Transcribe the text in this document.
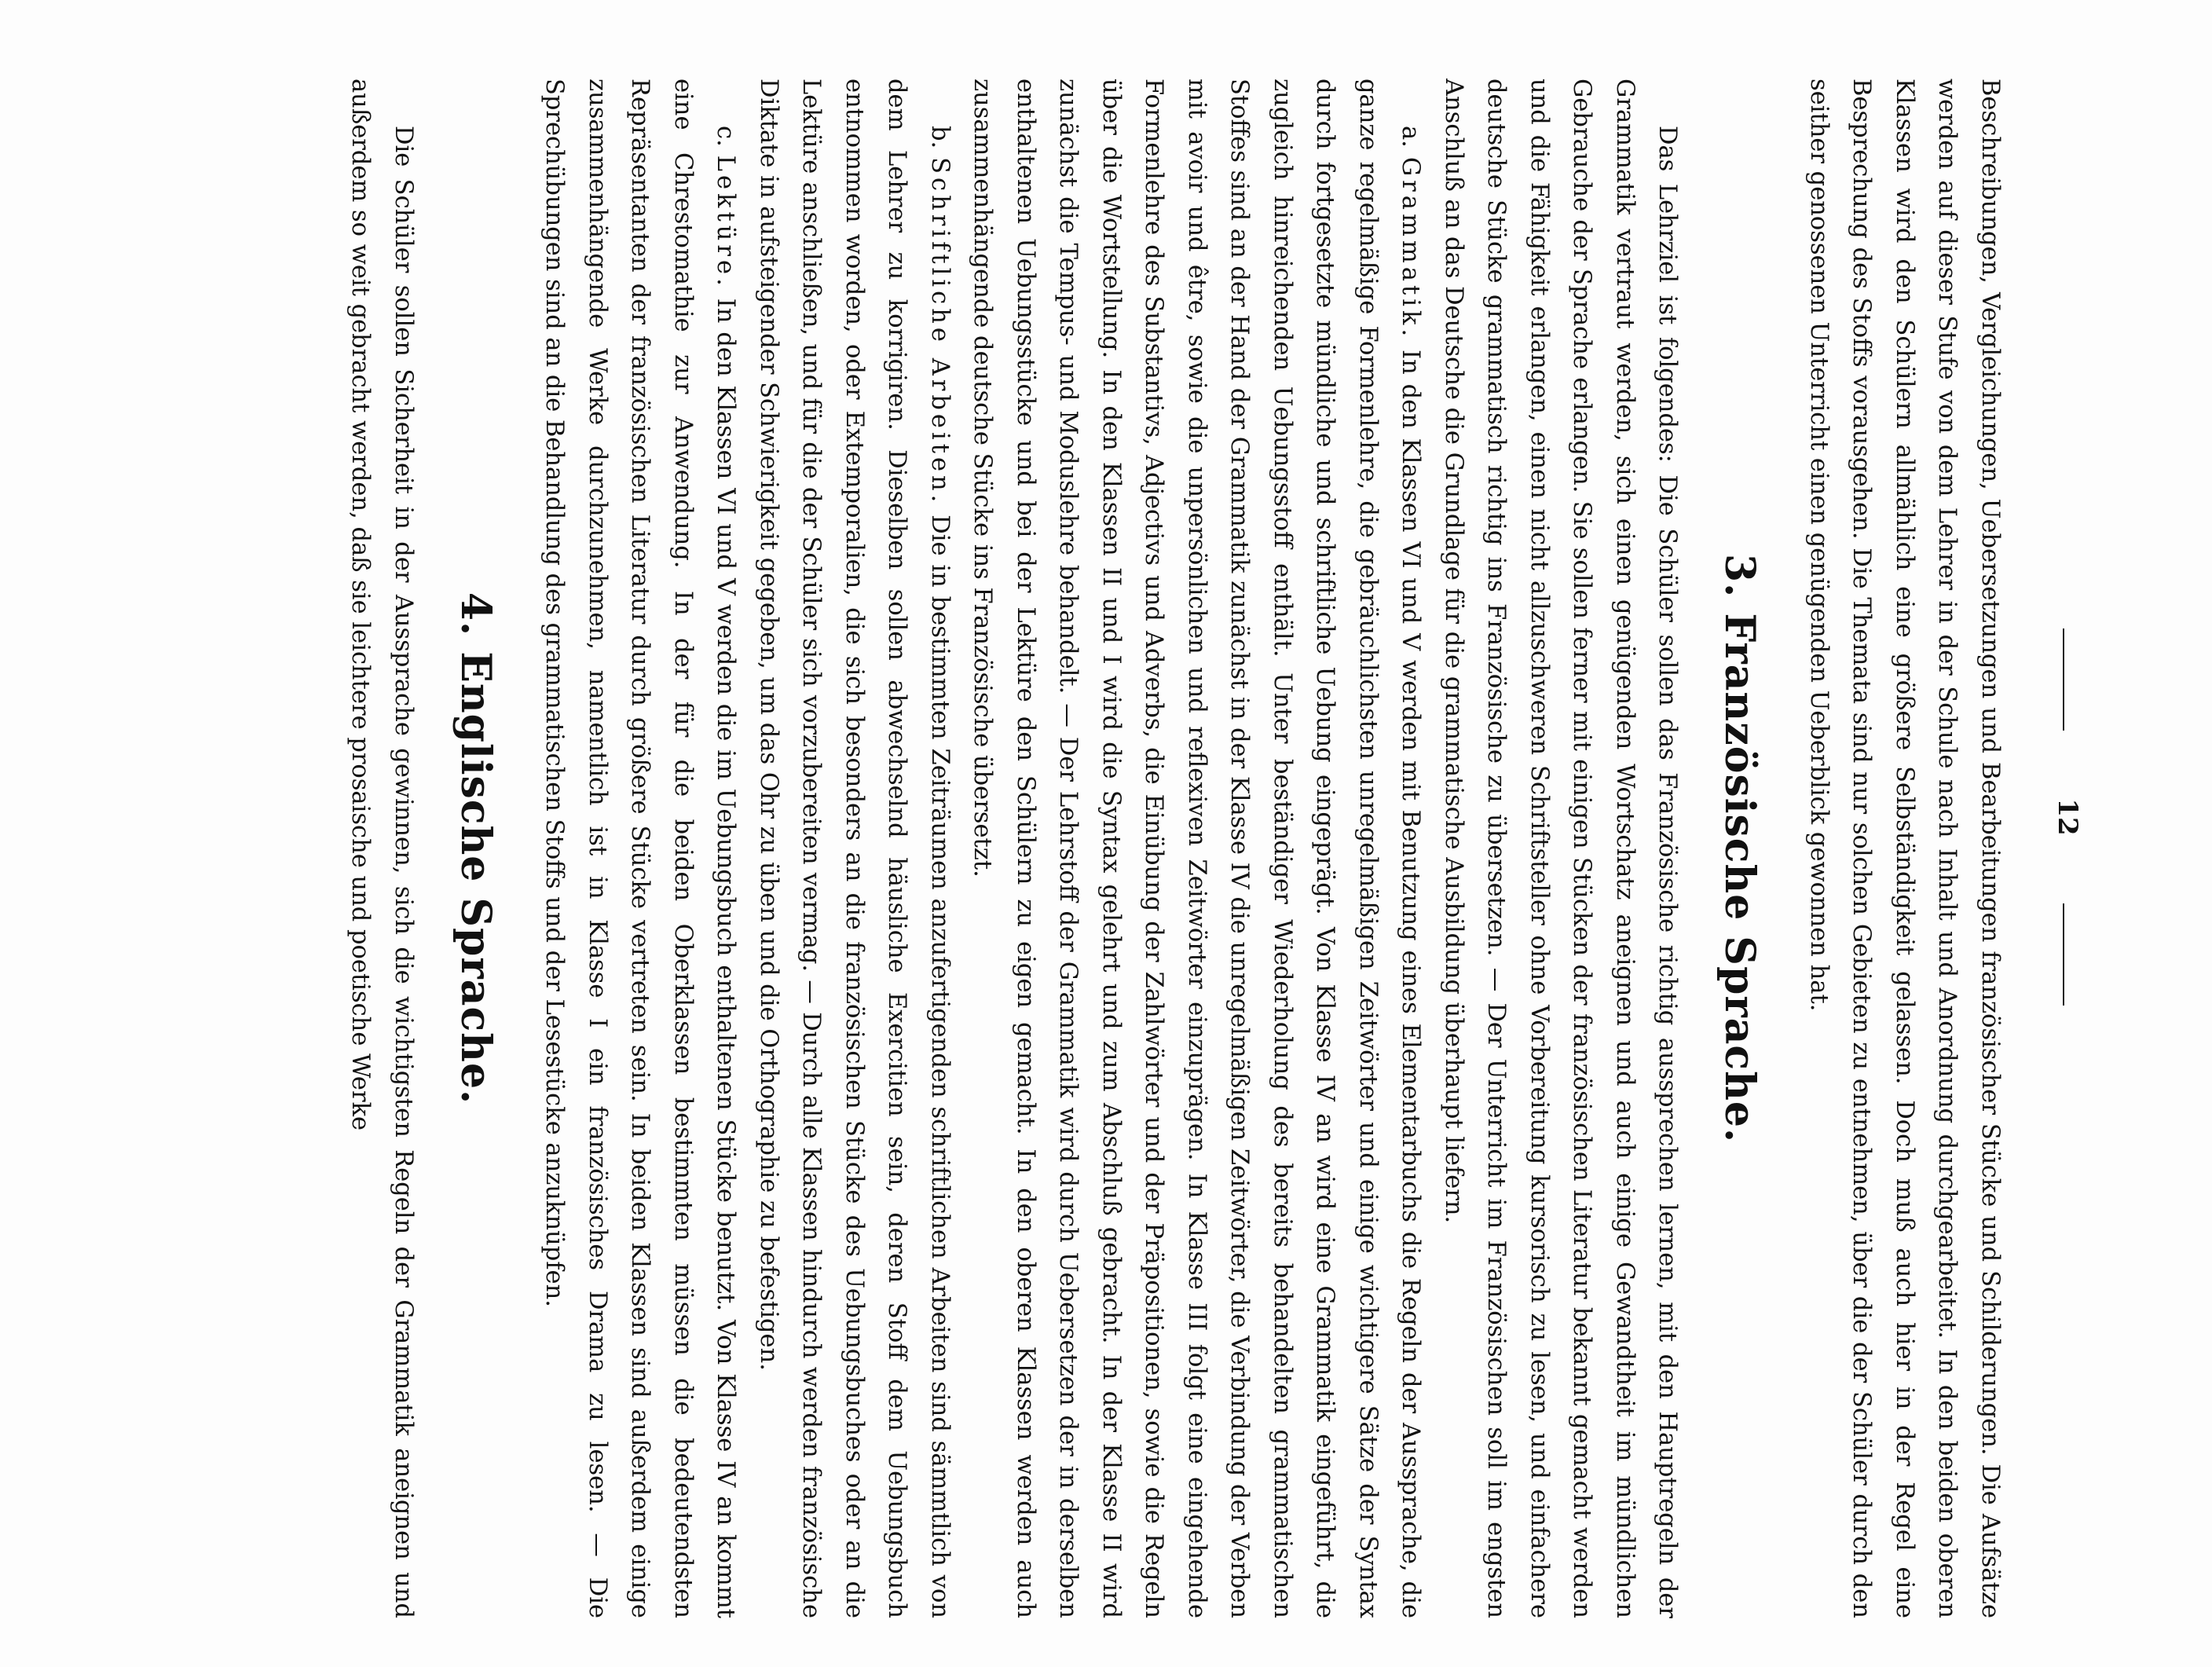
12

Beschreibungen, Vergleichungen, Uebersetzungen und Bearbeitungen französischer Stücke und Schilderungen. Die Aufsätze werden auf dieser Stufe von dem Lehrer in der Schule nach Inhalt und Anordnung durchgearbeitet. In den beiden oberen Klassen wird den Schülern allmählich eine größere Selbständigkeit gelassen. Doch muß auch hier in der Regel eine Besprechung des Stoffs vorausgehen. Die Themata sind nur solchen Gebieten zu entnehmen, über die der Schüler durch den seither genossenen Unterricht einen genügenden Ueberblick gewonnen hat.

3. Französische Sprache.

Das Lehrziel ist folgendes: Die Schüler sollen das Französische richtig aussprechen lernen, mit den Hauptregeln der Grammatik vertraut werden, sich einen genügenden Wortschatz aneignen und auch einige Gewandtheit im mündlichen Gebrauche der Sprache erlangen. Sie sollen ferner mit einigen Stücken der französischen Literatur bekannt gemacht werden und die Fähigkeit erlangen, einen nicht allzuschweren Schriftsteller ohne Vorbereitung kursorisch zu lesen, und einfachere deutsche Stücke grammatisch richtig ins Französische zu übersetzen. — Der Unterricht im Französischen soll im engsten Anschluß an das Deutsche die Grundlage für die grammatische Ausbildung überhaupt liefern.

a. Grammatik. In den Klassen VI und V werden mit Benutzung eines Elementarbuchs die Regeln der Aussprache, die ganze regelmäßige Formenlehre, die gebräuchlichsten unregelmäßigen Zeitwörter und einige wichtigere Sätze der Syntax durch fortgesetzte mündliche und schriftliche Uebung eingeprägt. Von Klasse IV an wird eine Grammatik eingeführt, die zugleich hinreichenden Uebungsstoff enthält. Unter beständiger Wiederholung des bereits behandelten grammatischen Stoffes sind an der Hand der Grammatik zunächst in der Klasse IV die unregelmäßigen Zeitwörter, die Verbindung der Verben mit avoir und être, sowie die unpersönlichen und reflexiven Zeitwörter einzuprägen. In Klasse III folgt eine eingehende Formenlehre des Substantivs, Adjectivs und Adverbs, die Einübung der Zahlwörter und der Präpositionen, sowie die Regeln über die Wortstellung. In den Klassen II und I wird die Syntax gelehrt und zum Abschluß gebracht. In der Klasse II wird zunächst die Tempus- und Moduslehre behandelt. — Der Lehrstoff der Grammatik wird durch Uebersetzen der in derselben enthaltenen Uebungsstücke und bei der Lektüre den Schülern zu eigen gemacht. In den oberen Klassen werden auch zusammenhängende deutsche Stücke ins Französische übersetzt.

b. Schriftliche Arbeiten. Die in bestimmten Zeiträumen anzufertigenden schriftlichen Arbeiten sind sämmtlich von dem Lehrer zu korrigiren. Dieselben sollen abwechselnd häusliche Exercitien sein, deren Stoff dem Uebungsbuch entnommen worden, oder Extemporalien, die sich besonders an die französischen Stücke des Uebungsbuches oder an die Lektüre anschließen, und für die der Schüler sich vorzubereiten vermag. — Durch alle Klassen hindurch werden französische Diktate in aufsteigender Schwierigkeit gegeben, um das Ohr zu üben und die Orthographie zu befestigen.

c. Lektüre. In den Klassen VI und V werden die im Uebungsbuch enthaltenen Stücke benutzt. Von Klasse IV an kommt eine Chrestomathie zur Anwendung. In der für die beiden Oberklassen bestimmten müssen die bedeutendsten Repräsentanten der französischen Literatur durch größere Stücke vertreten sein. In beiden Klassen sind außerdem einige zusammenhängende Werke durchzunehmen, namentlich ist in Klasse I ein französisches Drama zu lesen. — Die Sprechübungen sind an die Behandlung des grammatischen Stoffs und der Lesestücke anzuknüpfen.

4. Englische Sprache.

Die Schüler sollen Sicherheit in der Aussprache gewinnen, sich die wichtigsten Regeln der Grammatik aneignen und außerdem so weit gebracht werden, daß sie leichtere prosaische und poetische Werke
